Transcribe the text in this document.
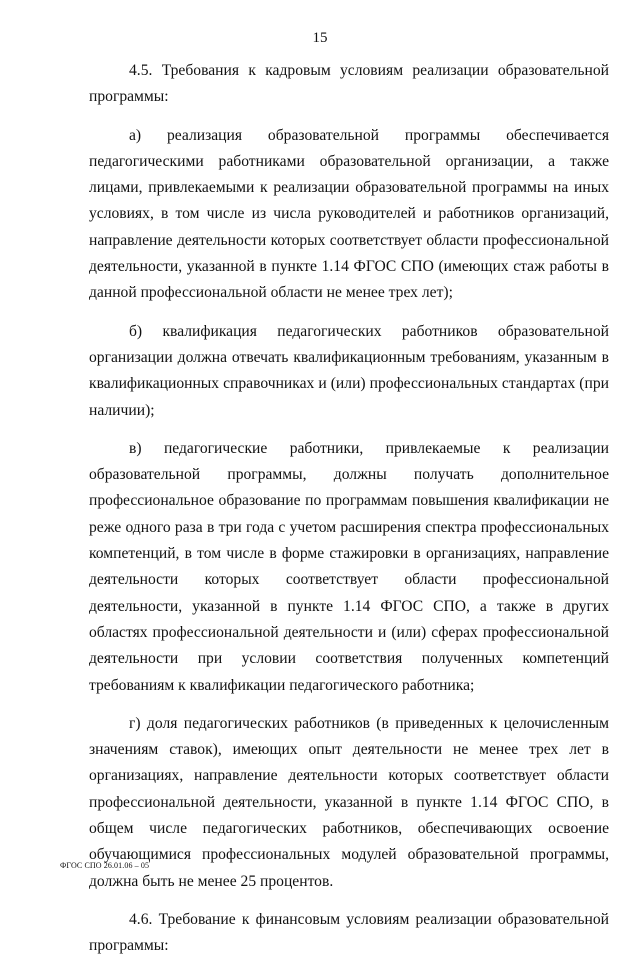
15

4.5. Требования к кадровым условиям реализации образовательной программы:

а) реализация образовательной программы обеспечивается педагогическими работниками образовательной организации, а также лицами, привлекаемыми к реализации образовательной программы на иных условиях, в том числе из числа руководителей и работников организаций, направление деятельности которых соответствует области профессиональной деятельности, указанной в пункте 1.14 ФГОС СПО (имеющих стаж работы в данной профессиональной области не менее трех лет);

б) квалификация педагогических работников образовательной организации должна отвечать квалификационным требованиям, указанным в квалификационных справочниках и (или) профессиональных стандартах (при наличии);

в) педагогические работники, привлекаемые к реализации образовательной программы, должны получать дополнительное профессиональное образование по программам повышения квалификации не реже одного раза в три года с учетом расширения спектра профессиональных компетенций, в том числе в форме стажировки в организациях, направление деятельности которых соответствует области профессиональной деятельности, указанной в пункте 1.14 ФГОС СПО, а также в других областях профессиональной деятельности и (или) сферах профессиональной деятельности при условии соответствия полученных компетенций требованиям к квалификации педагогического работника;

г) доля педагогических работников (в приведенных к целочисленным значениям ставок), имеющих опыт деятельности не менее трех лет в организациях, направление деятельности которых соответствует области профессиональной деятельности, указанной в пункте 1.14 ФГОС СПО, в общем числе педагогических работников, обеспечивающих освоение обучающимися профессиональных модулей образовательной программы, должна быть не менее 25 процентов.

4.6. Требование к финансовым условиям реализации образовательной программы:

ФГОС СПО 26.01.06 – 05
